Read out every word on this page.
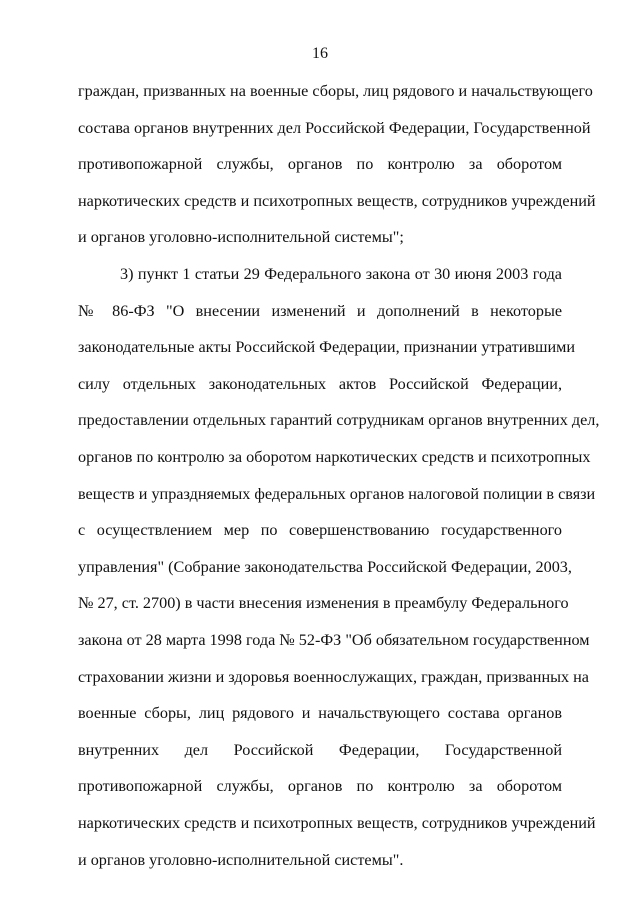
16
граждан, призванных на военные сборы, лиц рядового и начальствующего
состава органов внутренних дел Российской Федерации, Государственной
противопожарной службы, органов по контролю за оборотом
наркотических средств и психотропных веществ, сотрудников учреждений
и органов уголовно-исполнительной системы";
3) пункт 1 статьи 29 Федерального закона от 30 июня 2003 года
№ 86-ФЗ "О внесении изменений и дополнений в некоторые
законодательные акты Российской Федерации, признании утратившими
силу отдельных законодательных актов Российской Федерации,
предоставлении отдельных гарантий сотрудникам органов внутренних дел,
органов по контролю за оборотом наркотических средств и психотропных
веществ и упраздняемых федеральных органов налоговой полиции в связи
с осуществлением мер по совершенствованию государственного
управления" (Собрание законодательства Российской Федерации, 2003,
№ 27, ст. 2700) в части внесения изменения в преамбулу Федерального
закона от 28 марта 1998 года № 52-ФЗ "Об обязательном государственном
страховании жизни и здоровья военнослужащих, граждан, призванных на
военные сборы, лиц рядового и начальствующего состава органов
внутренних дел Российской Федерации, Государственной
противопожарной службы, органов по контролю за оборотом
наркотических средств и психотропных веществ, сотрудников учреждений
и органов уголовно-исполнительной системы".
